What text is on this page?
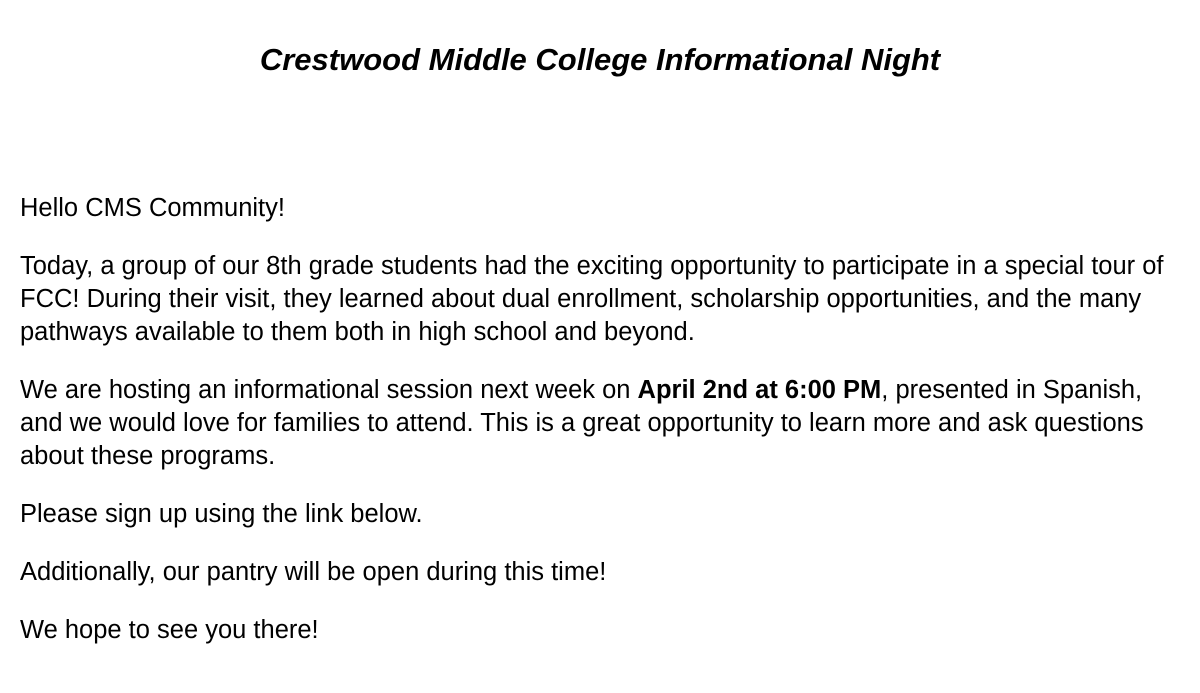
Crestwood Middle College Informational Night

Hello CMS Community!

Today, a group of our 8th grade students had the exciting opportunity to participate in a special tour of FCC! During their visit, they learned about dual enrollment, scholarship opportunities, and the many pathways available to them both in high school and beyond.

We are hosting an informational session next week on April 2nd at 6:00 PM, presented in Spanish, and we would love for families to attend. This is a great opportunity to learn more and ask questions about these programs.

Please sign up using the link below.

Additionally, our pantry will be open during this time!

We hope to see you there!
